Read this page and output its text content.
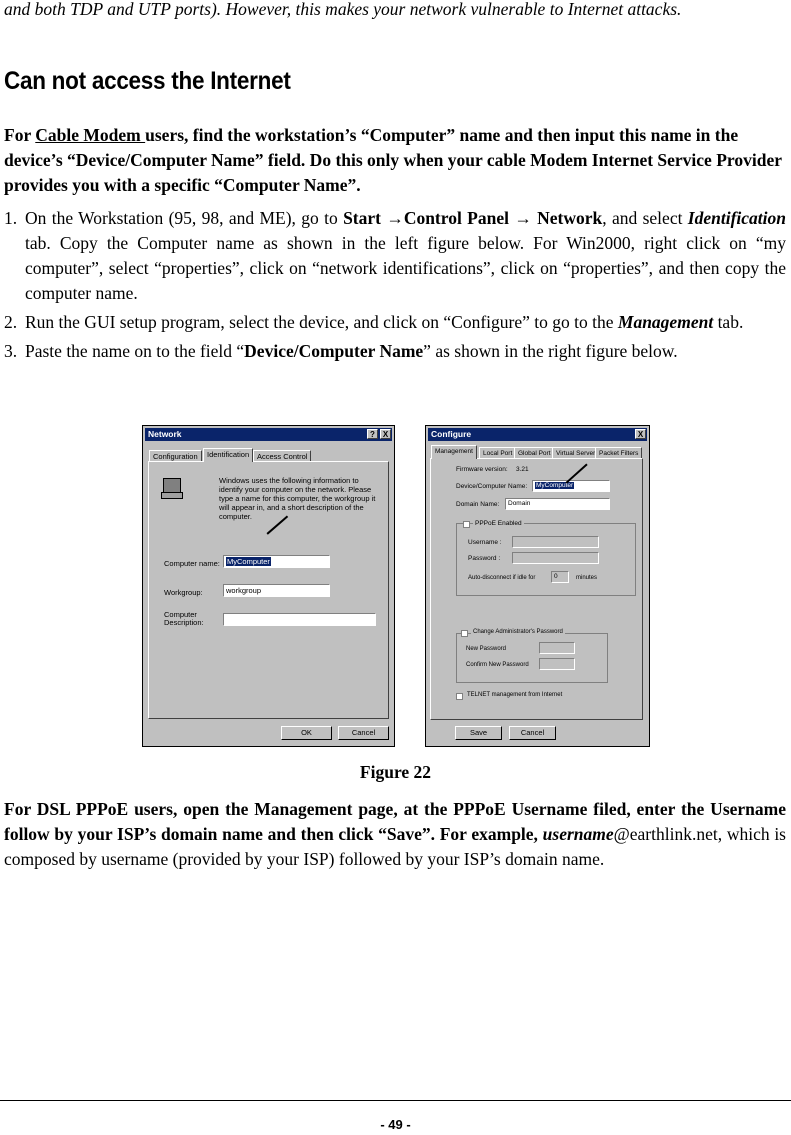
and both TDP and UTP ports). However, this makes your network vulnerable to Internet attacks.
Can not access the Internet
For Cable Modem users, find the workstation’s “Computer” name and then input this name in the device’s “Device/Computer Name” field. Do this only when your cable Modem Internet Service Provider provides you with a specific “Computer Name”.
1. On the Workstation (95, 98, and ME), go to Start →Control Panel → Network, and select Identification tab. Copy the Computer name as shown in the left figure below. For Win2000, right click on “my computer”, select “properties”, click on “network identifications”, click on “properties”, and then copy the computer name.
2. Run the GUI setup program, select the device, and click on “Configure” to go to the Management tab.
3. Paste the name on to the field “Device/Computer Name” as shown in the right figure below.
Network	? X
Configuration	Identification	Access Control
Windows uses the following information to identify your computer on the network. Please type a name for this computer, the workgroup it will appear in, and a short description of the computer.
Computer name: MyComputer
Workgroup:	workgroup
Computer Description:
OK	Cancel
Configure	X
Management	Local Port Global Port Virtual Server Packet Filters
Firmware version: 3.21
Device/Computer Name:	MyComputer
Domain Name:	Domain
PPPoE Enabled
Username :
Password :
Auto-disconnect if idle for	0	minutes
Change Administrator's Password
New Password
Confirm New Password
TELNET management from Internet
Save	Cancel
Figure 22
For DSL PPPoE users, open the Management page, at the PPPoE Username filed, enter the Username follow by your ISP’s domain name and then click “Save”. For example, username@earthlink.net, which is composed by username (provided by your ISP) followed by your ISP’s domain name.
- 49 -
